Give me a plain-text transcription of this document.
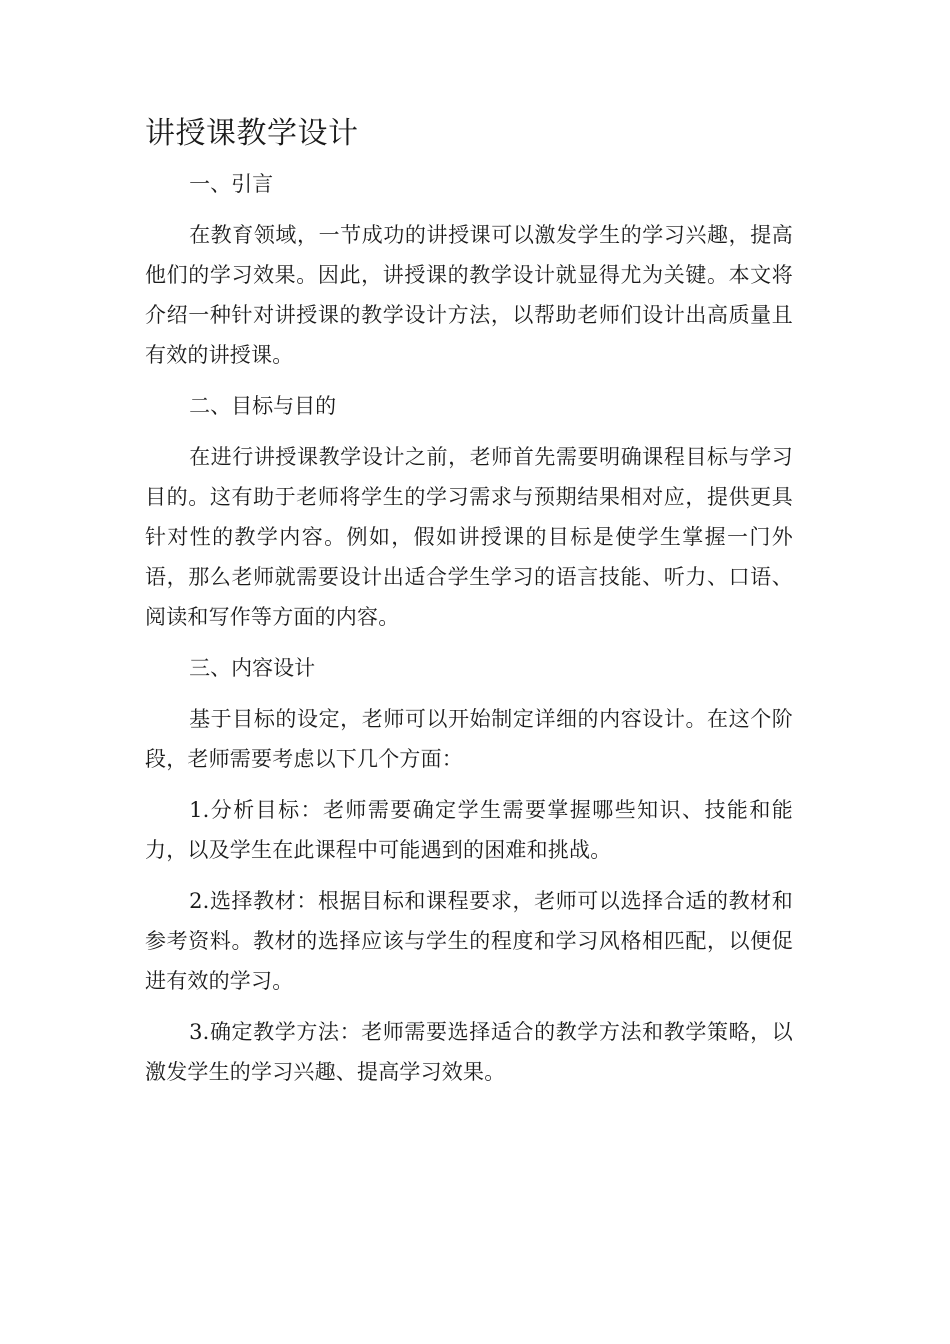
讲授课教学设计

一、引言

在教育领域，一节成功的讲授课可以激发学生的学习兴趣，提高他们的学习效果。因此，讲授课的教学设计就显得尤为关键。本文将介绍一种针对讲授课的教学设计方法，以帮助老师们设计出高质量且有效的讲授课。

二、目标与目的

在进行讲授课教学设计之前，老师首先需要明确课程目标与学习目的。这有助于老师将学生的学习需求与预期结果相对应，提供更具针对性的教学内容。例如，假如讲授课的目标是使学生掌握一门外语，那么老师就需要设计出适合学生学习的语言技能、听力、口语、阅读和写作等方面的内容。

三、内容设计

基于目标的设定，老师可以开始制定详细的内容设计。在这个阶段，老师需要考虑以下几个方面：

1.分析目标：老师需要确定学生需要掌握哪些知识、技能和能力，以及学生在此课程中可能遇到的困难和挑战。

2.选择教材：根据目标和课程要求，老师可以选择合适的教材和参考资料。教材的选择应该与学生的程度和学习风格相匹配，以便促进有效的学习。

3.确定教学方法：老师需要选择适合的教学方法和教学策略，以激发学生的学习兴趣、提高学习效果。
